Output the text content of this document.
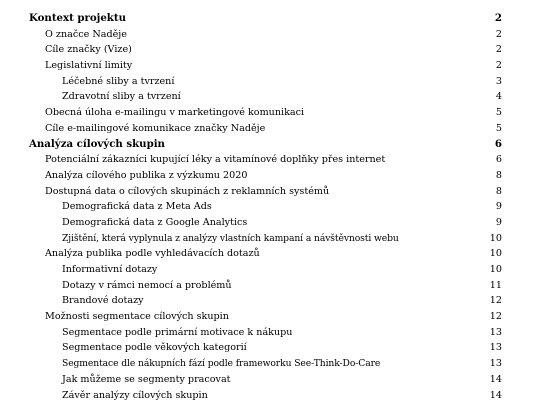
Kontext projektu	2
O značce Naděje	2
Cíle značky (Vize)	2
Legislativní limity	2
Léčebné sliby a tvrzení	3
Zdravotní sliby a tvrzení	4
Obecná úloha e-mailingu v marketingové komunikaci	5
Cíle e-mailingové komunikace značky Naděje	5
Analýza cílových skupin	6
Potenciální zákazníci kupující léky a vitamínové doplňky přes internet	6
Analýza cílového publika z výzkumu 2020	8
Dostupná data o cílových skupinách z reklamních systémů	8
Demografická data z Meta Ads	9
Demografická data z Google Analytics	9
Zjištění, která vyplynula z analýzy vlastních kampaní a návštěvnosti webu	10
Analýza publika podle vyhledávacích dotazů	10
Informativní dotazy	10
Dotazy v rámci nemocí a problémů	11
Brandové dotazy	12
Možnosti segmentace cílových skupin	12
Segmentace podle primární motivace k nákupu	13
Segmentace podle věkových kategorií	13
Segmentace dle nákupních fází podle frameworku See-Think-Do-Care	13
Jak můžeme se segmenty pracovat	14
Závěr analýzy cílových skupin	14
